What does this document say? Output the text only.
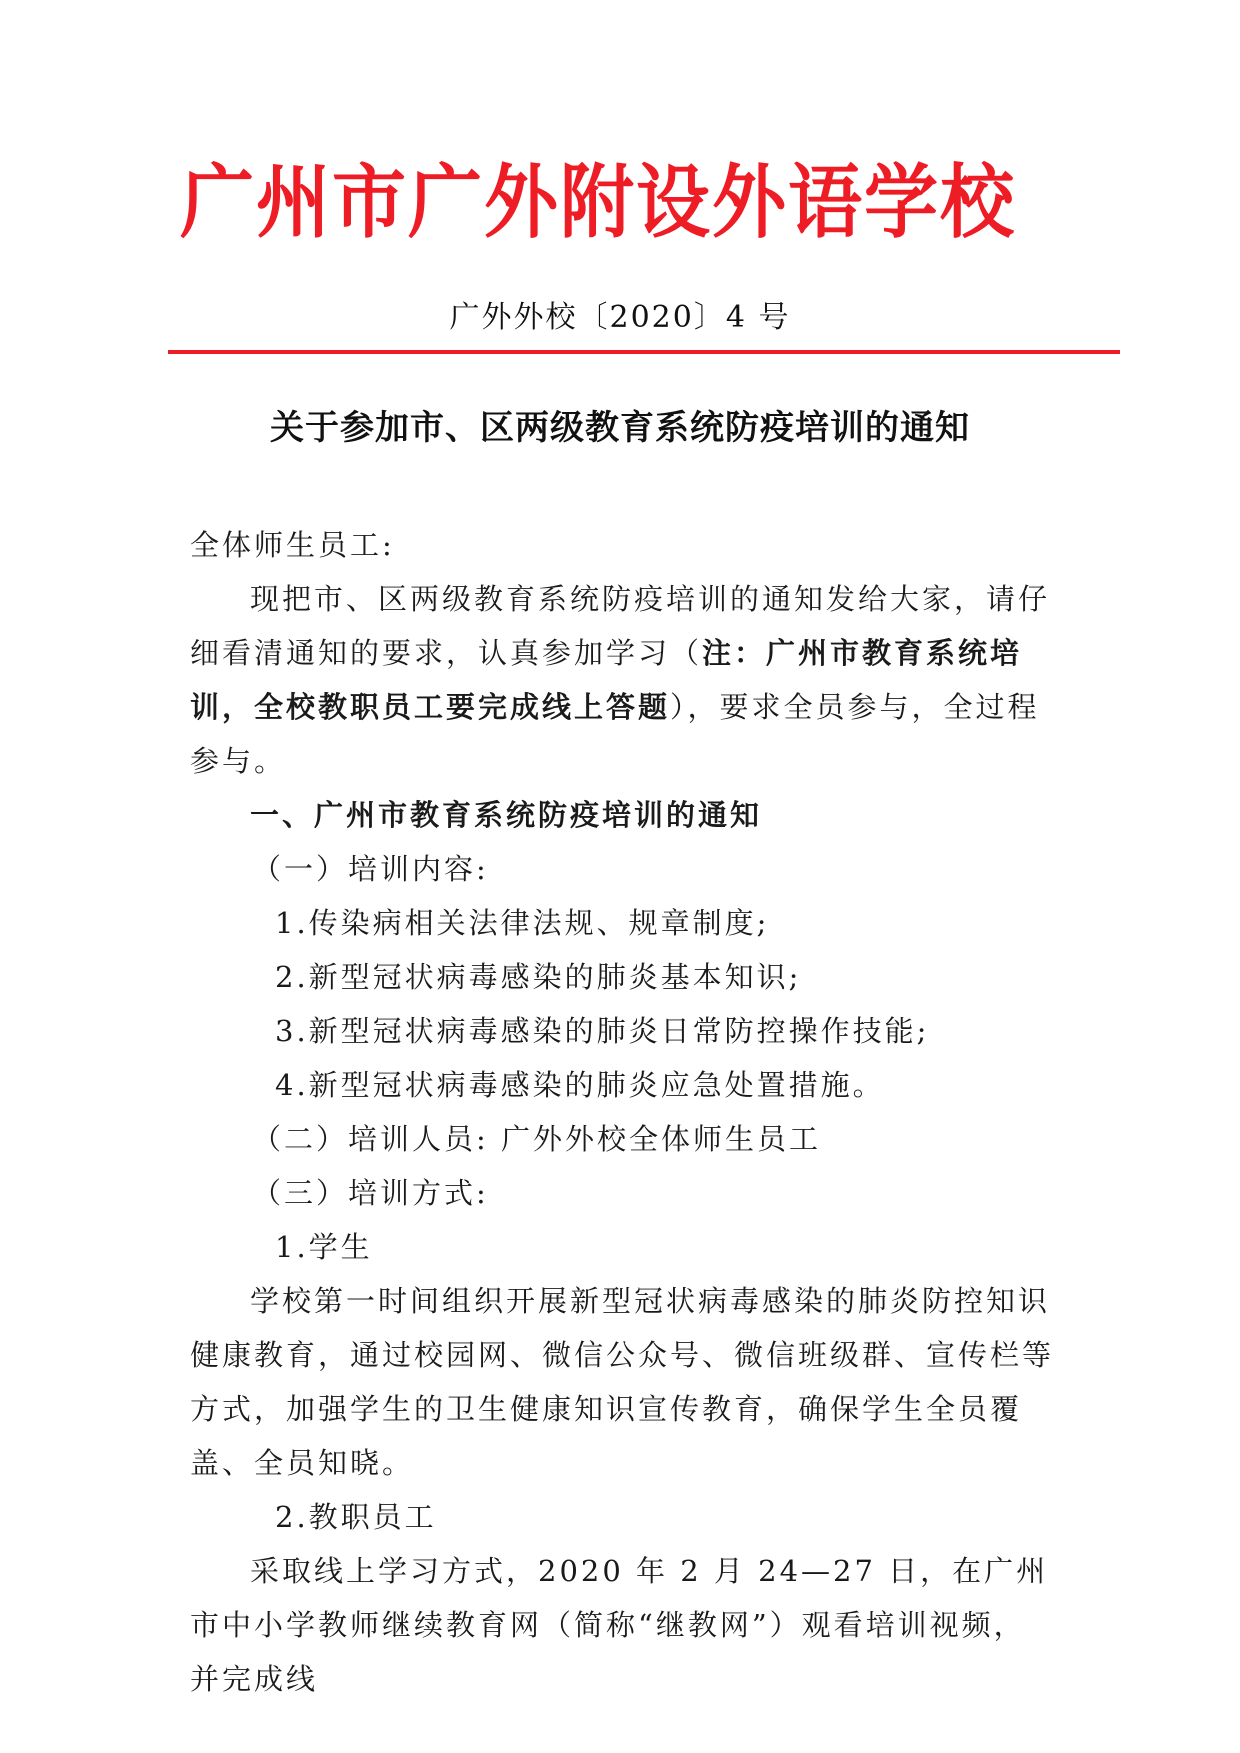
广州市广外附设外语学校
广外外校〔2020〕4 号
关于参加市、区两级教育系统防疫培训的通知

全体师生员工:

现把市、区两级教育系统防疫培训的通知发给大家，请仔细看清通知的要求，认真参加学习（注：广州市教育系统培训，全校教职员工要完成线上答题），要求全员参与，全过程参与。

一、广州市教育系统防疫培训的通知

（一）培训内容:

1.传染病相关法律法规、规章制度;

2.新型冠状病毒感染的肺炎基本知识;

3.新型冠状病毒感染的肺炎日常防控操作技能;

4.新型冠状病毒感染的肺炎应急处置措施。

（二）培训人员: 广外外校全体师生员工

（三）培训方式:

1.学生

学校第一时间组织开展新型冠状病毒感染的肺炎防控知识健康教育，通过校园网、微信公众号、微信班级群、宣传栏等方式，加强学生的卫生健康知识宣传教育，确保学生全员覆盖、全员知晓。

2.教职员工

采取线上学习方式，2020 年 2 月 24—27 日，在广州市中小学教师继续教育网（简称“继教网”）观看培训视频，并完成线
